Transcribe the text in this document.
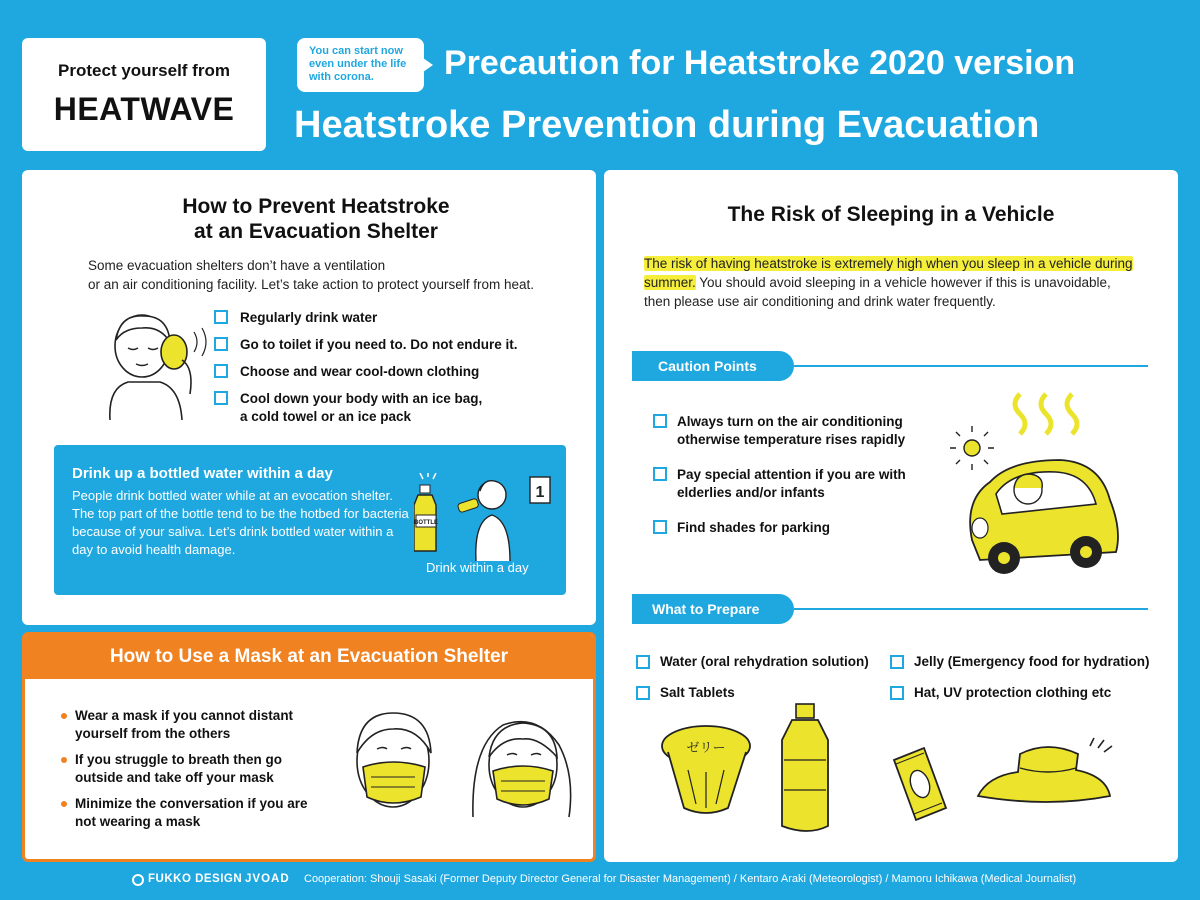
Protect yourself from
HEATWAVE
You can start now even under the life with corona.	Precaution for Heatstroke 2020 version
Heatstroke Prevention during Evacuation
How to Prevent Heatstroke
at an Evacuation Shelter
Some evacuation shelters don’t have a ventilation
or an air conditioning facility. Let’s take action to protect yourself from heat.
Regularly drink water
Go to toilet if you need to. Do not endure it.
Choose and wear cool-down clothing
Cool down your body with an ice bag,
a cold towel or an ice pack
Drink up a bottled water within a day
People drink bottled water while at an evocation shelter. The top part of the bottle tend to be the hotbed for bacteria because of your saliva. Let’s drink bottled water within a day to avoid health damage.
BOTTLE
1
Drink within a day
How to Use a Mask at an Evacuation Shelter
Wear a mask if you cannot distant yourself from the others
If you struggle to breath then go outside and take off your mask
Minimize the conversation if you are not wearing a mask
The Risk of Sleeping in a Vehicle
The risk of having heatstroke is extremely high when you sleep in a vehicle during
summer. You should avoid sleeping in a vehicle however if this is unavoidable,
then please use air conditioning and drink water frequently.
Caution Points
Always turn on the air conditioning
otherwise temperature rises rapidly
Pay special attention if you are with
elderlies and/or infants
Find shades for parking
What to Prepare
Water (oral rehydration solution)	Jelly (Emergency food for hydration)
Salt Tablets	Hat, UV protection clothing etc
ゼリー
FUKKO DESIGN JVOAD Cooperation: Shouji Sasaki (Former Deputy Director General for Disaster Management) / Kentaro Araki (Meteorologist) / Mamoru Ichikawa (Medical Journalist)
